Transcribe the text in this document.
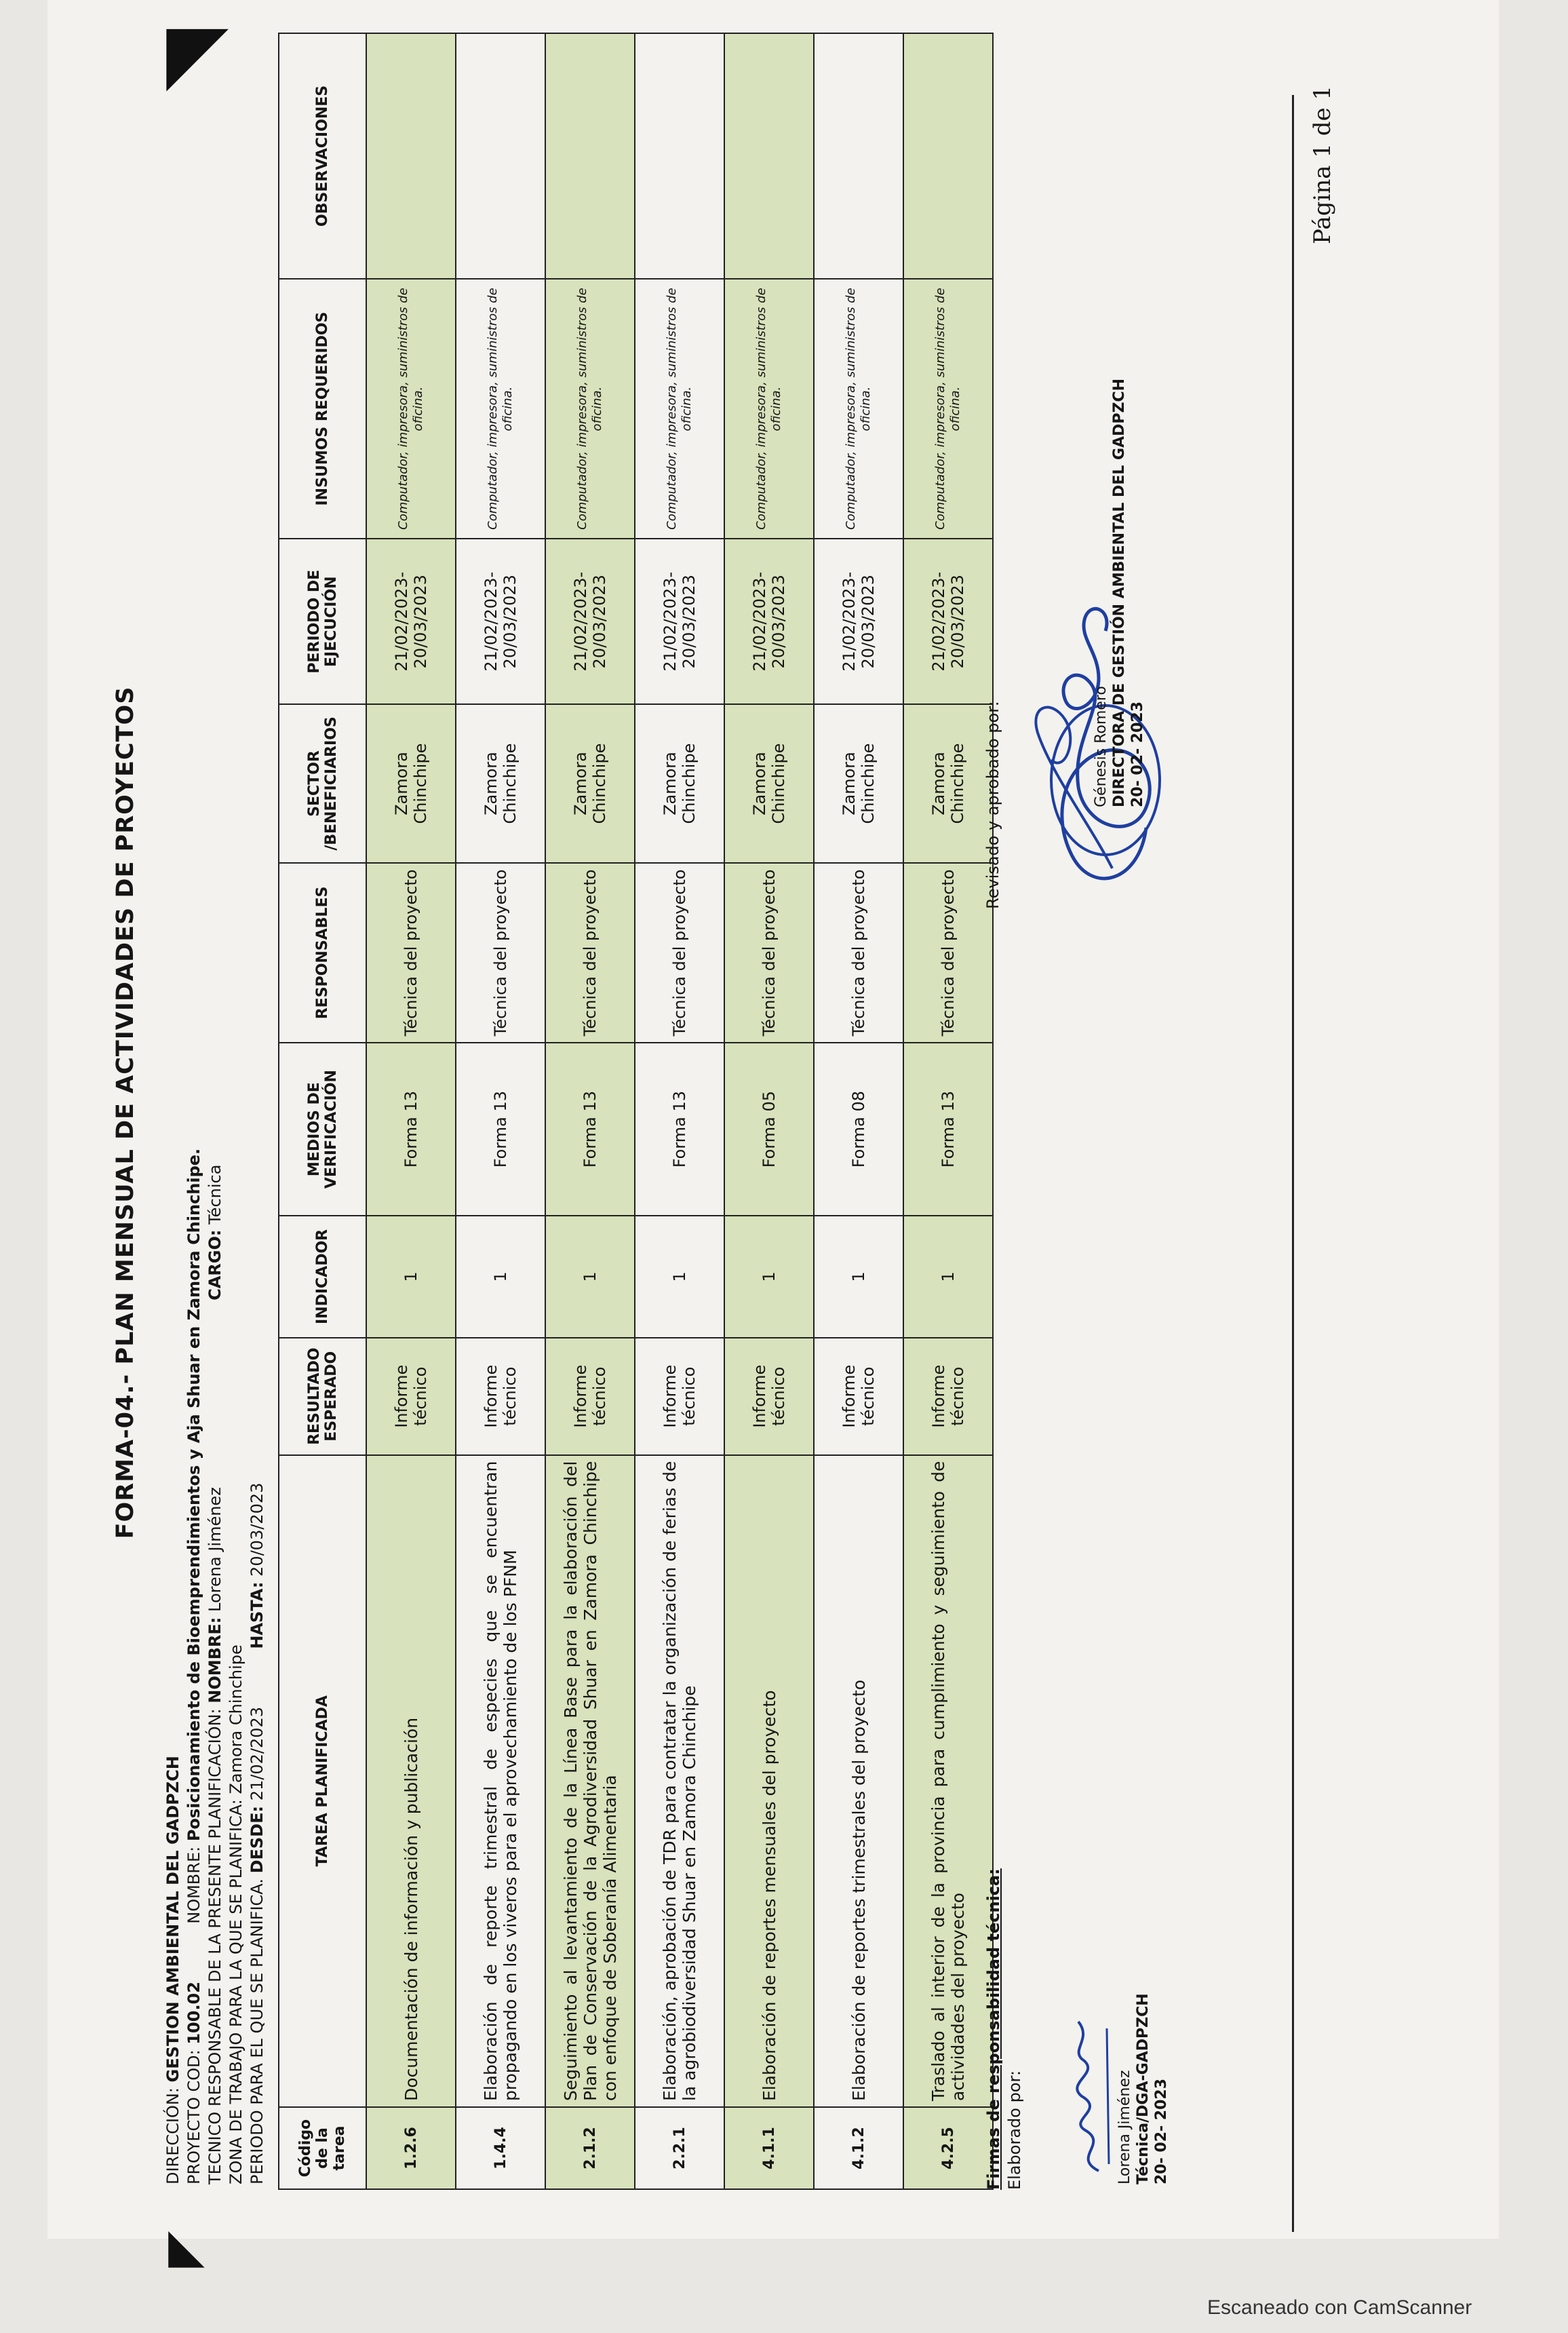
◤
◣
FORMA-04.- PLAN MENSUAL DE ACTIVIDADES DE PROYECTOS
DIRECCIÓN: GESTION AMBIENTAL DEL GADPZCH
PROYECTO COD: 100.02  NOMBRE: Posicionamiento de Bioemprendimientos y Aja Shuar en Zamora Chinchipe.
TECNICO RESPONSABLE DE LA PRESENTE PLANIFICACIÓN: NOMBRE: Lorena Jiménez  CARGO: Técnica
ZONA DE TRABAJO PARA LA QUE SE PLANIFICA: Zamora Chinchipe
PERIODO PARA EL QUE SE PLANIFICA. DESDE: 21/02/2023  HASTA: 20/03/2023
Código de la tarea	TAREA PLANIFICADA	RESULTADO ESPERADO	INDICADOR	MEDIOS DE VERIFICACIÓN	RESPONSABLES	SECTOR /BENEFICIARIOS	PERIODO DE EJECUCIÓN	INSUMOS REQUERIDOS	OBSERVACIONES
1.2.6	Documentación de información y publicación	Informe técnico	1	Forma 13	Técnica del proyecto	Zamora Chinchipe	21/02/2023-20/03/2023	Computador, impresora, suministros de oficina.	
1.4.4	Elaboración de reporte trimestral de especies que se encuentran propagando en los viveros para el aprovechamiento de los PFNM	Informe técnico	1	Forma 13	Técnica del proyecto	Zamora Chinchipe	21/02/2023-20/03/2023	Computador, impresora, suministros de oficina.	
2.1.2	Seguimiento al levantamiento de la Línea Base para la elaboración del Plan de Conservación de la Agrodiversidad Shuar en Zamora Chinchipe con enfoque de Soberanía Alimentaria	Informe técnico	1	Forma 13	Técnica del proyecto	Zamora Chinchipe	21/02/2023-20/03/2023	Computador, impresora, suministros de oficina.	
2.2.1	Elaboración, aprobación de TDR para contratar la organización de ferias de la agrobiodiversidad Shuar en Zamora Chinchipe	Informe técnico	1	Forma 13	Técnica del proyecto	Zamora Chinchipe	21/02/2023-20/03/2023	Computador, impresora, suministros de oficina.	
4.1.1	Elaboración de reportes mensuales del proyecto	Informe técnico	1	Forma 05	Técnica del proyecto	Zamora Chinchipe	21/02/2023-20/03/2023	Computador, impresora, suministros de oficina.	
4.1.2	Elaboración de reportes trimestrales del proyecto	Informe técnico	1	Forma 08	Técnica del proyecto	Zamora Chinchipe	21/02/2023-20/03/2023	Computador, impresora, suministros de oficina.	
4.2.5	Traslado al interior de la provincia para cumplimiento y seguimiento de actividades del proyecto	Informe técnico	1	Forma 13	Técnica del proyecto	Zamora Chinchipe	21/02/2023-20/03/2023	Computador, impresora, suministros de oficina.	
Firmas de responsabilidad técnica: Elaborado por:	Lorena Jiménez Técnica/DGA-GADPZCH 20- 02- 2023
Revisado y aprobado por:	Génesis Romero DIRECTORA DE GESTIÓN AMBIENTAL DEL GADPZCH 20- 02- 2023
Página 1 de 1
Escaneado con CamScanner
